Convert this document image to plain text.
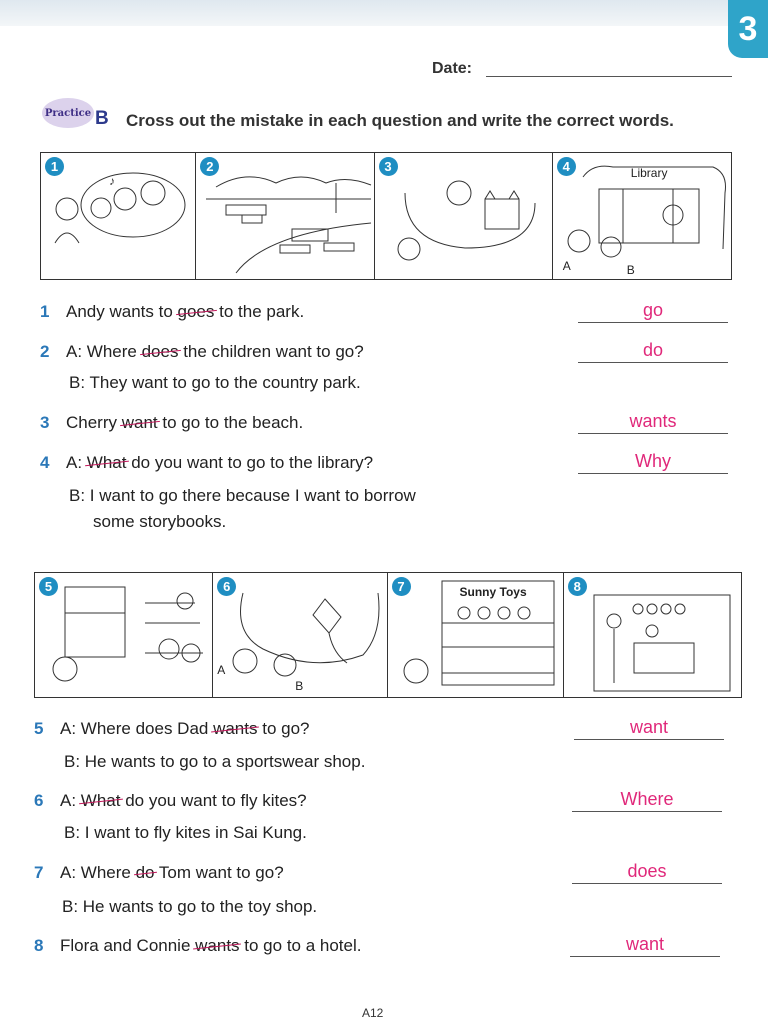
3
Date:
Practice B Cross out the mistake in each question and write the correct words.
1
♪
2	3	4	Library
A	B
1 Andy wants to goes to the park.	go
2 A: Where does the children want to go?
B: They want to go to the country park.
do
3 Cherry want to go to the beach.	wants
4 A: What do you want to go to the library?
B: I want to go there because I want to borrow
some storybooks.
Why
5	6
A
B
7	Sunny Toys	8
5 A: Where does Dad wants to go?
B: He wants to go to a sportswear shop.
want
6 A: What do you want to fly kites?
B: I want to fly kites in Sai Kung.
Where
7 A: Where do Tom want to go?
B: He wants to go to the toy shop.
does
8 Flora and Connie wants to go to a hotel.	want
A12
